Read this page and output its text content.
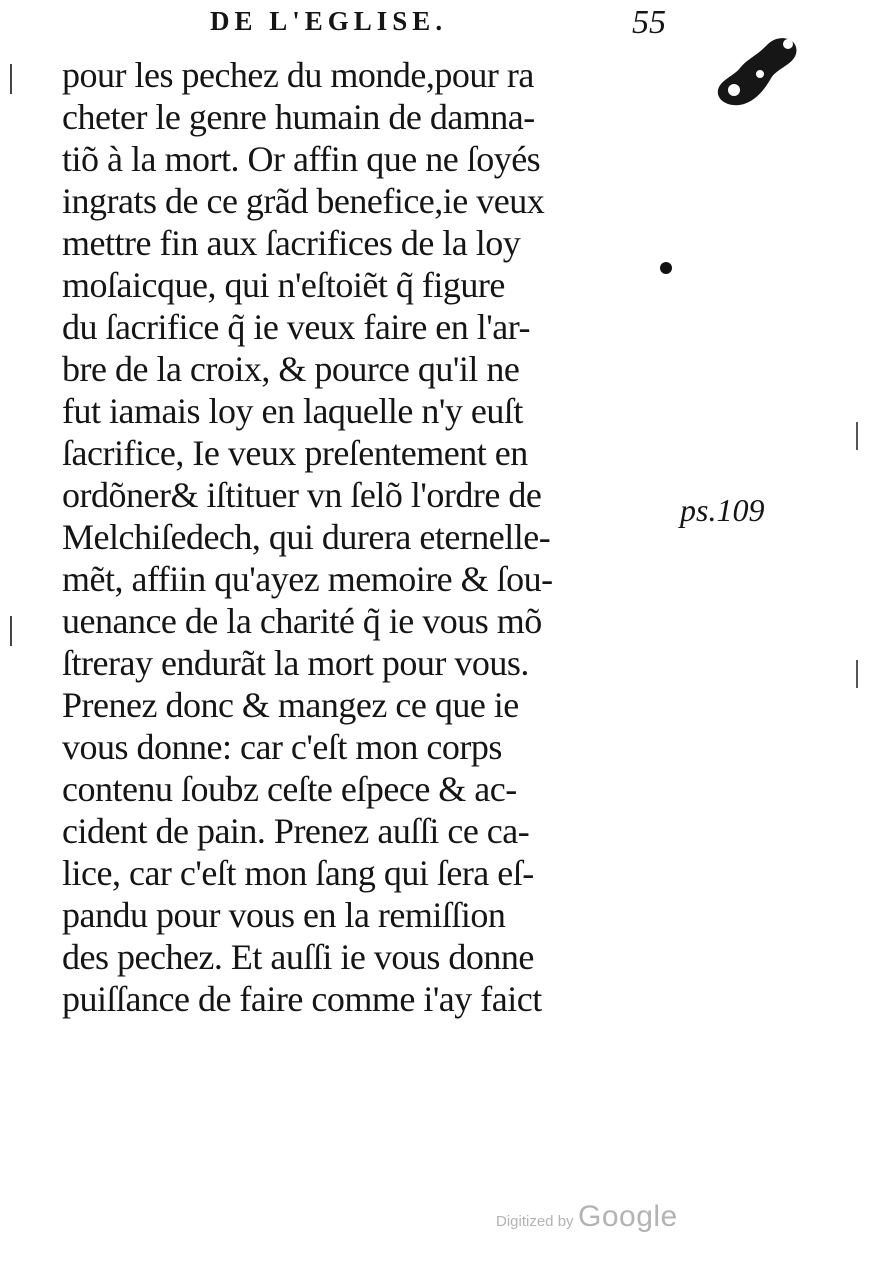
DE L'EGLISE.	55
pour les pechez du monde,pour ra
cheter le genre humain de damna-
tiõ à la mort. Or affin que ne ſoyés
ingrats de ce grãd benefice,ie veux
mettre fin aux ſacrifices de la loy
moſaicque, qui n'eſtoiẽt q̃ figure
du ſacrifice q̃ ie veux faire en l'ar-
bre de la croix, & pource qu'il ne
fut iamais loy en laquelle n'y euſt
ſacrifice, Ie veux preſentement en
ordõner& iſtituer vn ſelõ l'ordre de
Melchiſedech, qui durera eternelle-
mẽt, affiin qu'ayez memoire & ſou-
uenance de la charité q̃ ie vous mõ
ſtreray endurãt la mort pour vous.
Prenez donc & mangez ce que ie
vous donne: car c'eſt mon corps
contenu ſoubz ceſte eſpece & ac-
cident de pain. Prenez auſſi ce ca-
lice, car c'eſt mon ſang qui ſera eſ-
pandu pour vous en la remiſſion
des pechez. Et auſſi ie vous donne
puiſſance de faire comme i'ay faict
ps.109
Digitized by Google
